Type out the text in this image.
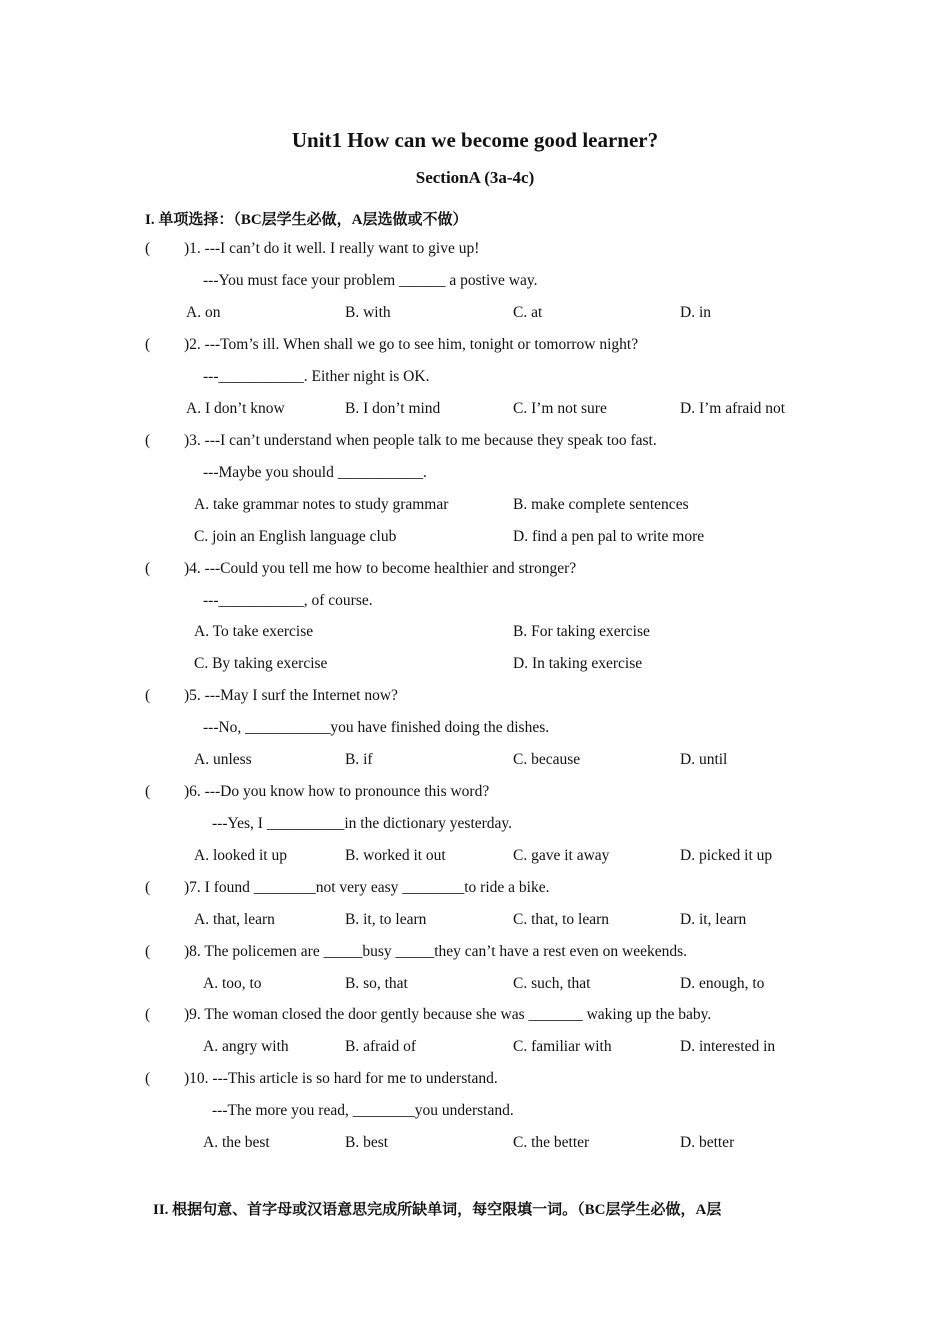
Unit1 How can we become good learner?
SectionA (3a-4c)
I. 单项选择：（BC层学生必做，A层选做或不做）
( )1. ---I can’t do it well. I really want to give up!
---You must face your problem ______ a postive way.
A. on	B. with	C. at	D. in
( )2. ---Tom’s ill. When shall we go to see him, tonight or tomorrow night?
---___________. Either night is OK.
A. I don’t know	B. I don’t mind	C. I’m not sure	D. I’m afraid not
( )3. ---I can’t understand when people talk to me because they speak too fast.
---Maybe you should ___________.
A. take grammar notes to study grammar	B. make complete sentences
C. join an English language club	D. find a pen pal to write more
( )4. ---Could you tell me how to become healthier and stronger?
---___________, of course.
A. To take exercise	B. For taking exercise
C. By taking exercise	D. In taking exercise
( )5. ---May I surf the Internet now?
---No, ___________you have finished doing the dishes.
A. unless	B. if	C. because	D. until
( )6. ---Do you know how to pronounce this word?
---Yes, I __________in the dictionary yesterday.
A. looked it up	B. worked it out	C. gave it away	D. picked it up
( )7. I found ________not very easy ________to ride a bike.
A. that, learn	B. it, to learn	C. that, to learn	D. it, learn
( )8. The policemen are _____busy _____they can’t have a rest even on weekends.
A. too, to	B. so, that	C. such, that	D. enough, to
( )9. The woman closed the door gently because she was _______ waking up the baby.
A. angry with	B. afraid of	C. familiar with	D. interested in
( )10. ---This article is so hard for me to understand.
---The more you read, ________you understand.
A. the best	B. best	C. the better	D. better
II. 根据句意、首字母或汉语意思完成所缺单词，每空限填一词。（BC层学生必做，A层
